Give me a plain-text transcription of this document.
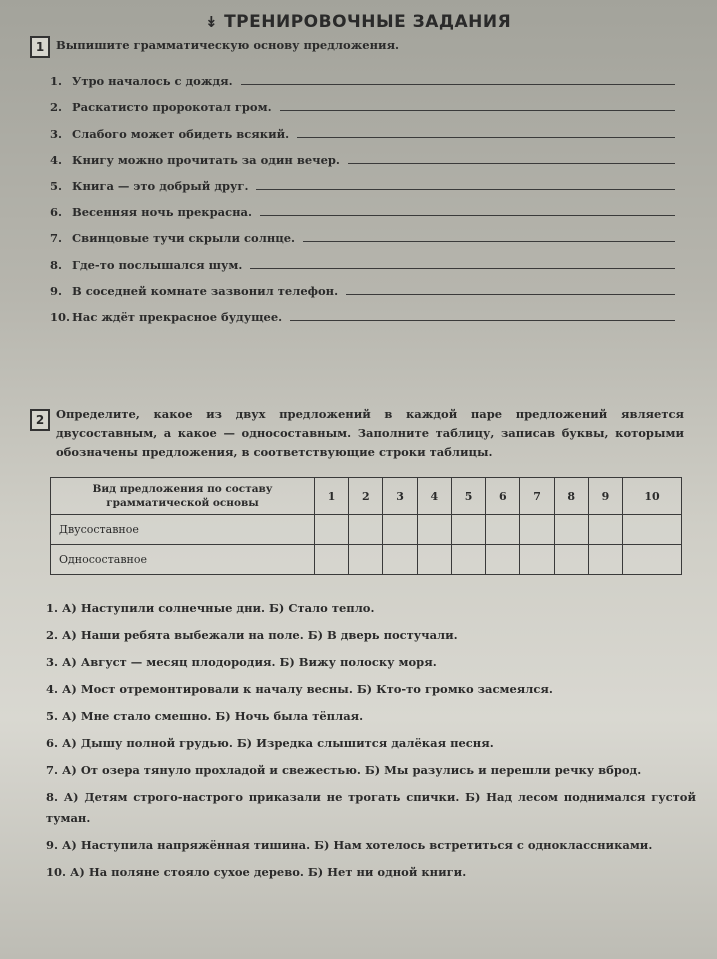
↡ ТРЕНИРОВОЧНЫЕ ЗАДАНИЯ
1	Выпишите грамматическую основу предложения.
1. Утро началось с дождя.
2. Раскатисто пророкотал гром.
3. Слабого может обидеть всякий.
4. Книгу можно прочитать за один вечер.
5. Книга — это добрый друг.
6. Весенняя ночь прекрасна.
7. Свинцовые тучи скрыли солнце.
8. Где-то послышался шум.
9. В соседней комнате зазвонил телефон.
10. Нас ждёт прекрасное будущее.
2	Определите, какое из двух предложений в каждой паре предложений является двусоставным, а какое — односоставным. Заполните таблицу, записав буквы, которыми обозначены предложения, в соответствующие строки таблицы.
Вид предложения по составу грамматической основы	1	2	3	4	5	6	7	8	9	10
Двусоставное										
Односоставное										
1. А) Наступили солнечные дни. Б) Стало тепло.
2. А) Наши ребята выбежали на поле. Б) В дверь постучали.
3. А) Август — месяц плодородия. Б) Вижу полоску моря.
4. А) Мост отремонтировали к началу весны. Б) Кто-то громко засмеялся.
5. А) Мне стало смешно. Б) Ночь была тёплая.
6. А) Дышу полной грудью. Б) Изредка слышится далёкая песня.
7. А) От озера тянуло прохладой и свежестью. Б) Мы разулись и перешли речку вброд.
8. А) Детям строго-настрого приказали не трогать спички. Б) Над лесом поднимался густой туман.
9. А) Наступила напряжённая тишина. Б) Нам хотелось встретиться с одноклассниками.
10. А) На поляне стояло сухое дерево. Б) Нет ни одной книги.
